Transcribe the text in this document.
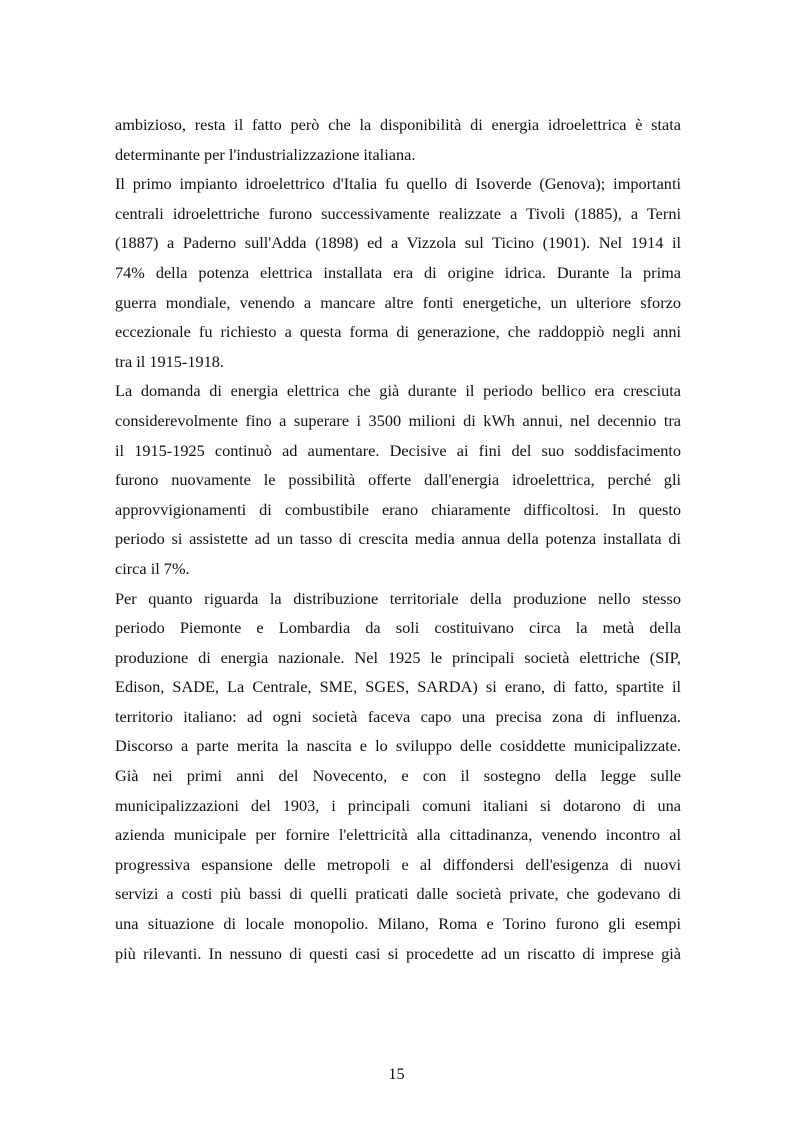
ambizioso, resta il fatto però che la disponibilità di energia idroelettrica è stata
determinante per l'industrializzazione italiana.
Il primo impianto idroelettrico d'Italia fu quello di Isoverde (Genova); importanti
centrali idroelettriche furono successivamente realizzate a Tivoli (1885), a Terni
(1887) a Paderno sull'Adda (1898) ed a Vizzola sul Ticino (1901). Nel 1914 il
74% della potenza elettrica installata era di origine idrica. Durante la prima
guerra mondiale, venendo a mancare altre fonti energetiche, un ulteriore sforzo
eccezionale fu richiesto a questa forma di generazione, che raddoppiò negli anni
tra il 1915-1918.
La domanda di energia elettrica che già durante il periodo bellico era cresciuta
considerevolmente fino a superare i 3500 milioni di kWh annui, nel decennio tra
il 1915-1925 continuò ad aumentare. Decisive ai fini del suo soddisfacimento
furono nuovamente le possibilità offerte dall'energia idroelettrica, perché gli
approvvigionamenti di combustibile erano chiaramente difficoltosi. In questo
periodo si assistette ad un tasso di crescita media annua della potenza installata di
circa il 7%.
Per quanto riguarda la distribuzione territoriale della produzione nello stesso
periodo Piemonte e Lombardia da soli costituivano circa la metà della
produzione di energia nazionale. Nel 1925 le principali società elettriche (SIP,
Edison, SADE, La Centrale, SME, SGES, SARDA) si erano, di fatto, spartite il
territorio italiano: ad ogni società faceva capo una precisa zona di influenza.
Discorso a parte merita la nascita e lo sviluppo delle cosiddette municipalizzate.
Già nei primi anni del Novecento, e con il sostegno della legge sulle
municipalizzazioni del 1903, i principali comuni italiani si dotarono di una
azienda municipale per fornire l'elettricità alla cittadinanza, venendo incontro al
progressiva espansione delle metropoli e al diffondersi dell'esigenza di nuovi
servizi a costi più bassi di quelli praticati dalle società private, che godevano di
una situazione di locale monopolio. Milano, Roma e Torino furono gli esempi
più rilevanti. In nessuno di questi casi si procedette ad un riscatto di imprese già
15
